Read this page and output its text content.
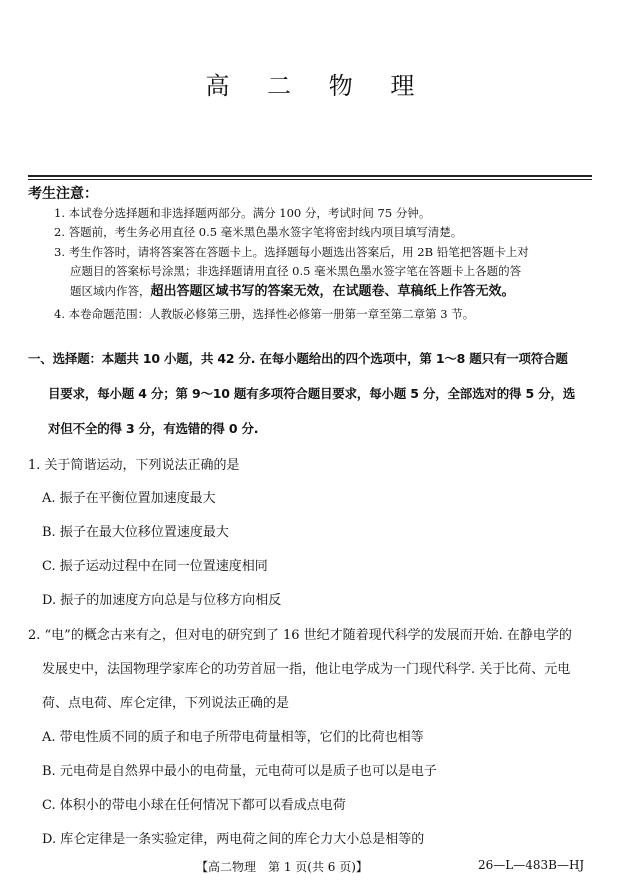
高 二 物 理
考生注意：
1. 本试卷分选择题和非选择题两部分。满分 100 分，考试时间 75 分钟。
2. 答题前，考生务必用直径 0.5 毫米黑色墨水签字笔将密封线内项目填写清楚。
3. 考生作答时，请将答案答在答题卡上。选择题每小题选出答案后，用 2B 铅笔把答题卡上对
应题目的答案标号涂黑；非选择题请用直径 0.5 毫米黑色墨水签字笔在答题卡上各题的答
题区域内作答，超出答题区域书写的答案无效，在试题卷、草稿纸上作答无效。
4. 本卷命题范围：人教版必修第三册，选择性必修第一册第一章至第二章第 3 节。
一、选择题：本题共 10 小题，共 42 分. 在每小题给出的四个选项中，第 1～8 题只有一项符合题
目要求，每小题 4 分；第 9～10 题有多项符合题目要求，每小题 5 分，全部选对的得 5 分，选
对但不全的得 3 分，有选错的得 0 分.
1. 关于简谐运动，下列说法正确的是
A. 振子在平衡位置加速度最大
B. 振子在最大位移位置速度最大
C. 振子运动过程中在同一位置速度相同
D. 振子的加速度方向总是与位移方向相反
2. “电”的概念古来有之，但对电的研究到了 16 世纪才随着现代科学的发展而开始. 在静电学的
发展史中，法国物理学家库仑的功劳首屈一指，他让电学成为一门现代科学. 关于比荷、元电
荷、点电荷、库仑定律，下列说法正确的是
A. 带电性质不同的质子和电子所带电荷量相等，它们的比荷也相等
B. 元电荷是自然界中最小的电荷量，元电荷可以是质子也可以是电子
C. 体积小的带电小球在任何情况下都可以看成点电荷
D. 库仑定律是一条实验定律，两电荷之间的库仑力大小总是相等的
【高二物理　第 1 页(共 6 页)】	26—L—483B—HJ
